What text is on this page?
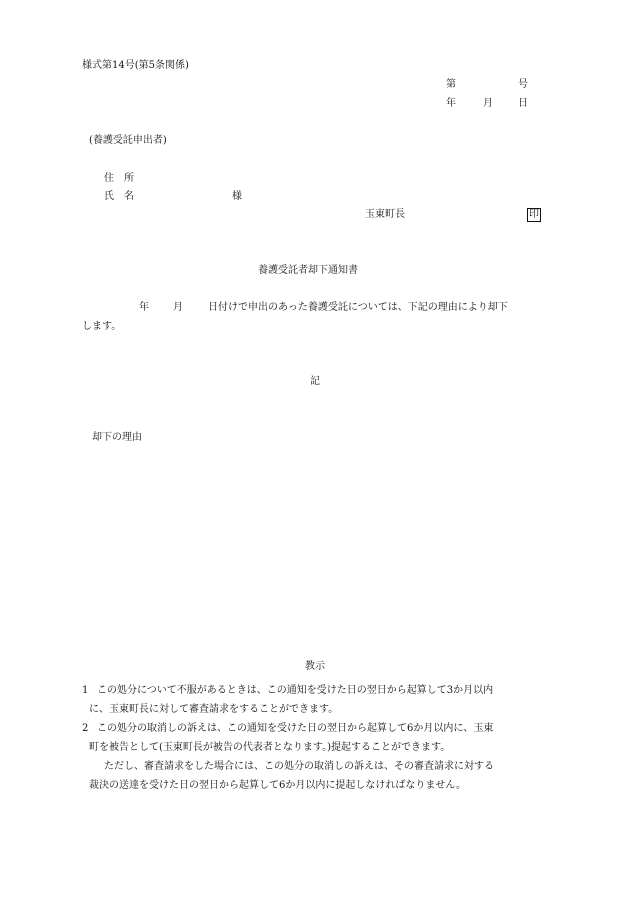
様式第14号(第5条関係)
第	号
年	月	日
(養護受託申出者)
住　所
氏　名	様
玉東町長	印
養護受託者却下通知書
年 月	日付けで申出のあった養護受託については、下記の理由により却下
します。
記
却下の理由
教示
1 この処分について不服があるときは、この通知を受けた日の翌日から起算して3か月以内
に、玉東町長に対して審査請求をすることができます。
2 この処分の取消しの訴えは、この通知を受けた日の翌日から起算して6か月以内に、玉東
町を被告として(玉東町長が被告の代表者となります。)提起することができます。
ただし、審査請求をした場合には、この処分の取消しの訴えは、その審査請求に対する
裁決の送達を受けた日の翌日から起算して6か月以内に提起しなければなりません。
